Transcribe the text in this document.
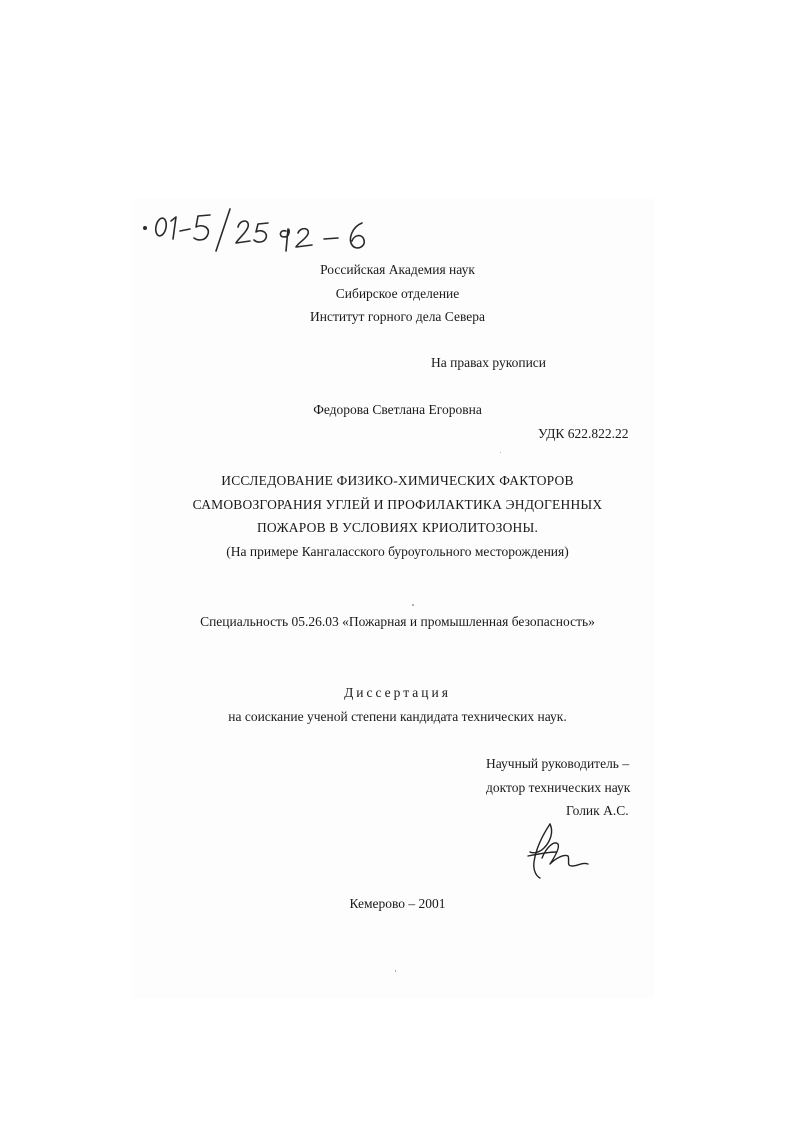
Российская Академия наук
Сибирское отделение
Институт горного дела Севера
На правах рукописи
Федорова Светлана Егоровна
УДК 622.822.22
ИССЛЕДОВАНИЕ ФИЗИКО-ХИМИЧЕСКИХ ФАКТОРОВ
САМОВОЗГОРАНИЯ УГЛЕЙ И ПРОФИЛАКТИКА ЭНДОГЕННЫХ
ПОЖАРОВ В УСЛОВИЯХ КРИОЛИТОЗОНЫ.
(На примере Кангаласского буроугольного месторождения)
Специальность 05.26.03 «Пожарная и промышленная безопасность»
Диссертация
на соискание ученой степени кандидата технических наук.
Научный руководитель –
доктор технических наук
Голик А.С.
Кемерово – 2001
